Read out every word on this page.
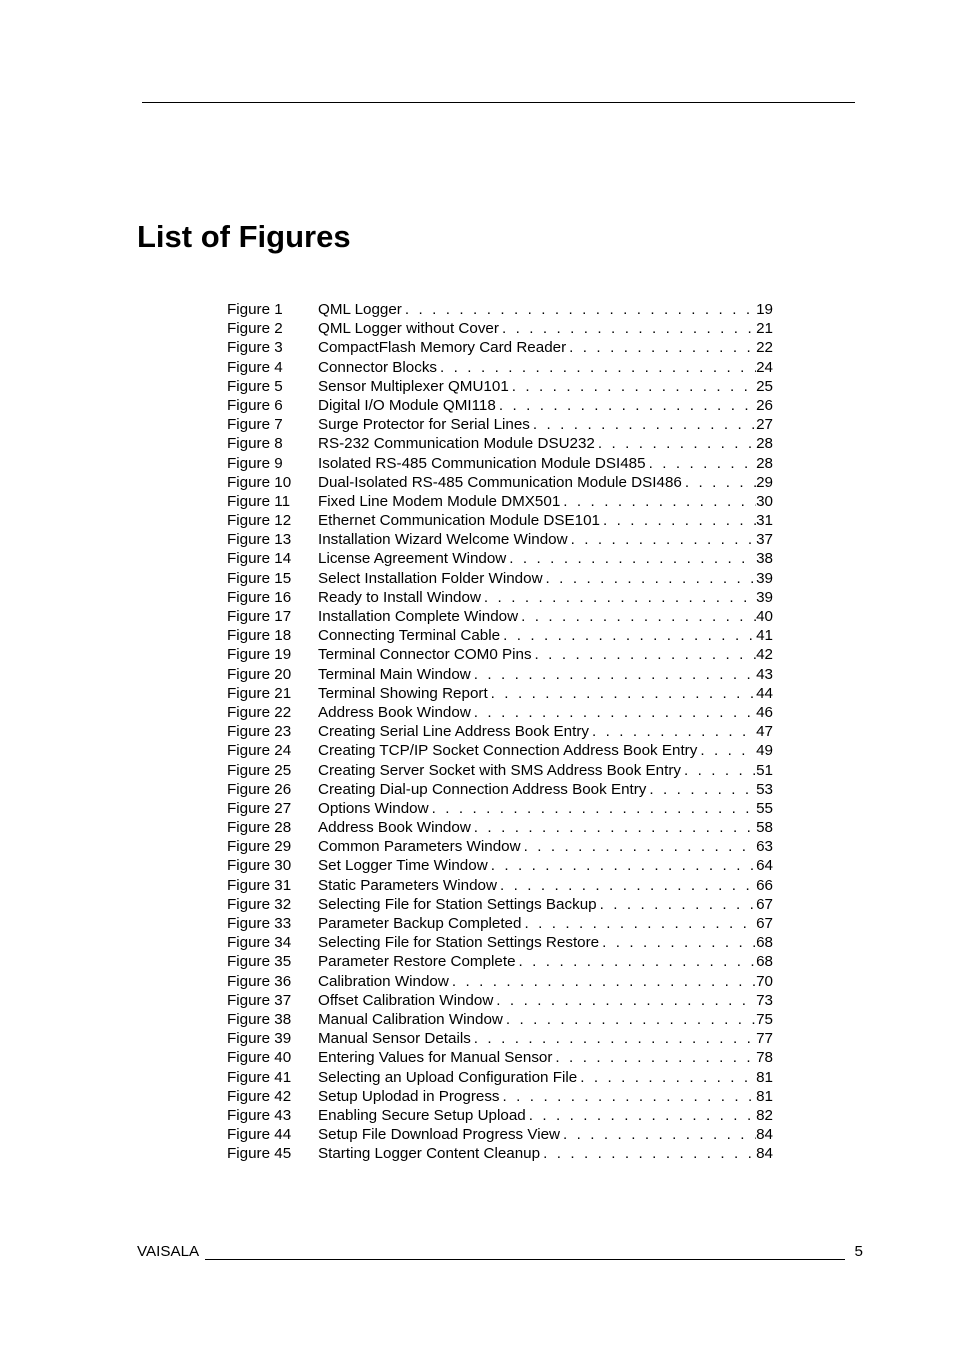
List of Figures
Figure 1	QML Logger . . .	19
Figure 2	QML Logger without Cover . . .	21
Figure 3	CompactFlash Memory Card Reader . . .	22
Figure 4	Connector Blocks . . .	24
Figure 5	Sensor Multiplexer QMU101 . . .	25
Figure 6	Digital I/O Module QMI118 . . .	26
Figure 7	Surge Protector for Serial Lines . . .	27
Figure 8	RS-232 Communication Module DSU232 . . .	28
Figure 9	Isolated RS-485 Communication Module DSI485 . . .	28
Figure 10	Dual-Isolated RS-485 Communication Module DSI486 . . .	29
Figure 11	Fixed Line Modem Module DMX501 . . .	30
Figure 12	Ethernet Communication Module DSE101 . . .	31
Figure 13	Installation Wizard Welcome Window . . .	37
Figure 14	License Agreement Window . . .	38
Figure 15	Select Installation Folder Window . . .	39
Figure 16	Ready to Install Window . . .	39
Figure 17	Installation Complete Window . . .	40
Figure 18	Connecting Terminal Cable . . .	41
Figure 19	Terminal Connector COM0 Pins . . .	42
Figure 20	Terminal Main Window . . .	43
Figure 21	Terminal Showing Report . . .	44
Figure 22	Address Book Window . . .	46
Figure 23	Creating Serial Line Address Book Entry . . .	47
Figure 24	Creating TCP/IP Socket Connection Address Book Entry . . .	49
Figure 25	Creating Server Socket with SMS Address Book Entry . . .	51
Figure 26	Creating Dial-up Connection Address Book Entry . . .	53
Figure 27	Options Window . . .	55
Figure 28	Address Book Window . . .	58
Figure 29	Common Parameters Window . . .	63
Figure 30	Set Logger Time Window . . .	64
Figure 31	Static Parameters Window . . .	66
Figure 32	Selecting File for Station Settings Backup . . .	67
Figure 33	Parameter Backup Completed . . .	67
Figure 34	Selecting File for Station Settings Restore . . .	68
Figure 35	Parameter Restore Complete . . .	68
Figure 36	Calibration Window . . .	70
Figure 37	Offset Calibration Window . . .	73
Figure 38	Manual Calibration Window . . .	75
Figure 39	Manual Sensor Details . . .	77
Figure 40	Entering Values for Manual Sensor . . .	78
Figure 41	Selecting an Upload Configuration File . . .	81
Figure 42	Setup Uplodad in Progress . . .	81
Figure 43	Enabling Secure Setup Upload . . .	82
Figure 44	Setup File Download Progress View . . .	84
Figure 45	Starting Logger Content Cleanup . . .	84
VAISALA	5
